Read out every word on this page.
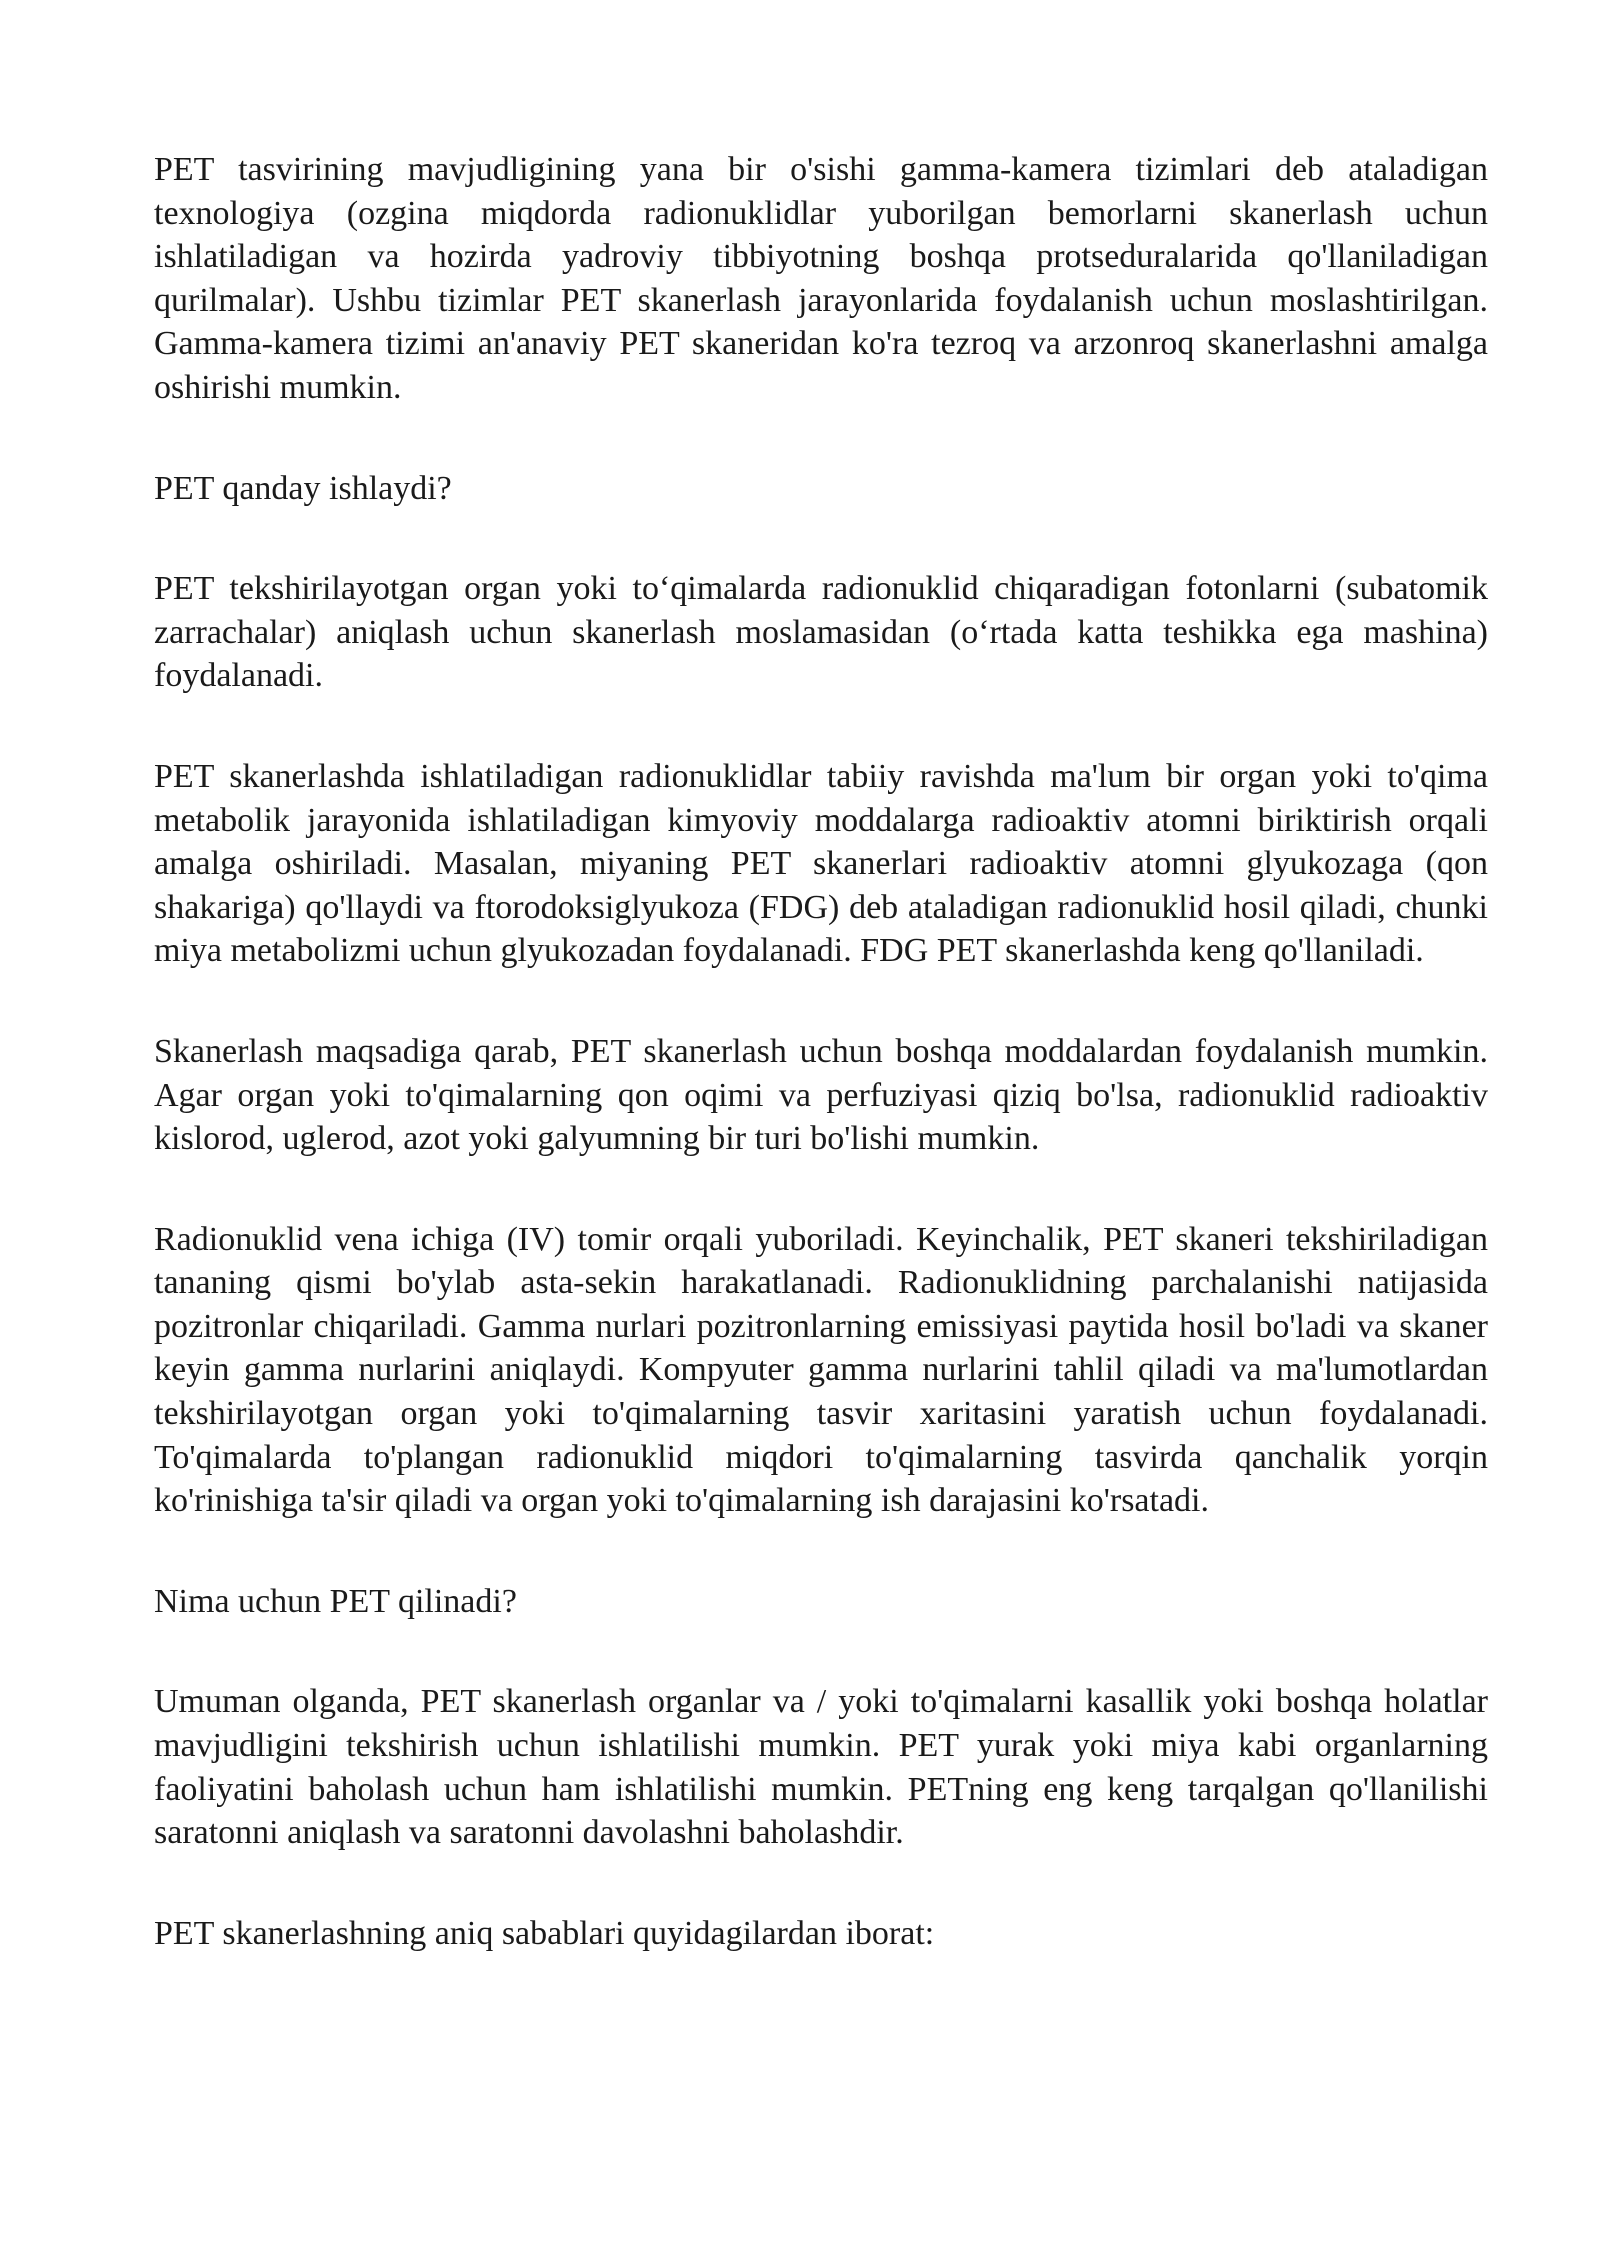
PET tasvirining mavjudligining yana bir o'sishi gamma-kamera tizimlari deb ataladigan texnologiya (ozgina miqdorda radionuklidlar yuborilgan bemorlarni skanerlash uchun ishlatiladigan va hozirda yadroviy tibbiyotning boshqa protseduralarida qo'llaniladigan qurilmalar). Ushbu tizimlar PET skanerlash jarayonlarida foydalanish uchun moslashtirilgan. Gamma-kamera tizimi an'anaviy PET skaneridan ko'ra tezroq va arzonroq skanerlashni amalga oshirishi mumkin.

PET qanday ishlaydi?

PET tekshirilayotgan organ yoki to‘qimalarda radionuklid chiqaradigan fotonlarni (subatomik zarrachalar) aniqlash uchun skanerlash moslamasidan (o‘rtada katta teshikka ega mashina) foydalanadi.

PET skanerlashda ishlatiladigan radionuklidlar tabiiy ravishda ma'lum bir organ yoki to'qima metabolik jarayonida ishlatiladigan kimyoviy moddalarga radioaktiv atomni biriktirish orqali amalga oshiriladi. Masalan, miyaning PET skanerlari radioaktiv atomni glyukozaga (qon shakariga) qo'llaydi va ftorodoksiglyukoza (FDG) deb ataladigan radionuklid hosil qiladi, chunki miya metabolizmi uchun glyukozadan foydalanadi. FDG PET skanerlashda keng qo'llaniladi.

Skanerlash maqsadiga qarab, PET skanerlash uchun boshqa moddalardan foydalanish mumkin. Agar organ yoki to'qimalarning qon oqimi va perfuziyasi qiziq bo'lsa, radionuklid radioaktiv kislorod, uglerod, azot yoki galyumning bir turi bo'lishi mumkin.

Radionuklid vena ichiga (IV) tomir orqali yuboriladi. Keyinchalik, PET skaneri tekshiriladigan tananing qismi bo'ylab asta-sekin harakatlanadi. Radionuklidning parchalanishi natijasida pozitronlar chiqariladi. Gamma nurlari pozitronlarning emissiyasi paytida hosil bo'ladi va skaner keyin gamma nurlarini aniqlaydi. Kompyuter gamma nurlarini tahlil qiladi va ma'lumotlardan tekshirilayotgan organ yoki to'qimalarning tasvir xaritasini yaratish uchun foydalanadi. To'qimalarda to'plangan radionuklid miqdori to'qimalarning tasvirda qanchalik yorqin ko'rinishiga ta'sir qiladi va organ yoki to'qimalarning ish darajasini ko'rsatadi.

Nima uchun PET qilinadi?

Umuman olganda, PET skanerlash organlar va / yoki to'qimalarni kasallik yoki boshqa holatlar mavjudligini tekshirish uchun ishlatilishi mumkin. PET yurak yoki miya kabi organlarning faoliyatini baholash uchun ham ishlatilishi mumkin. PETning eng keng tarqalgan qo'llanilishi saratonni aniqlash va saratonni davolashni baholashdir.

PET skanerlashning aniq sabablari quyidagilardan iborat:
